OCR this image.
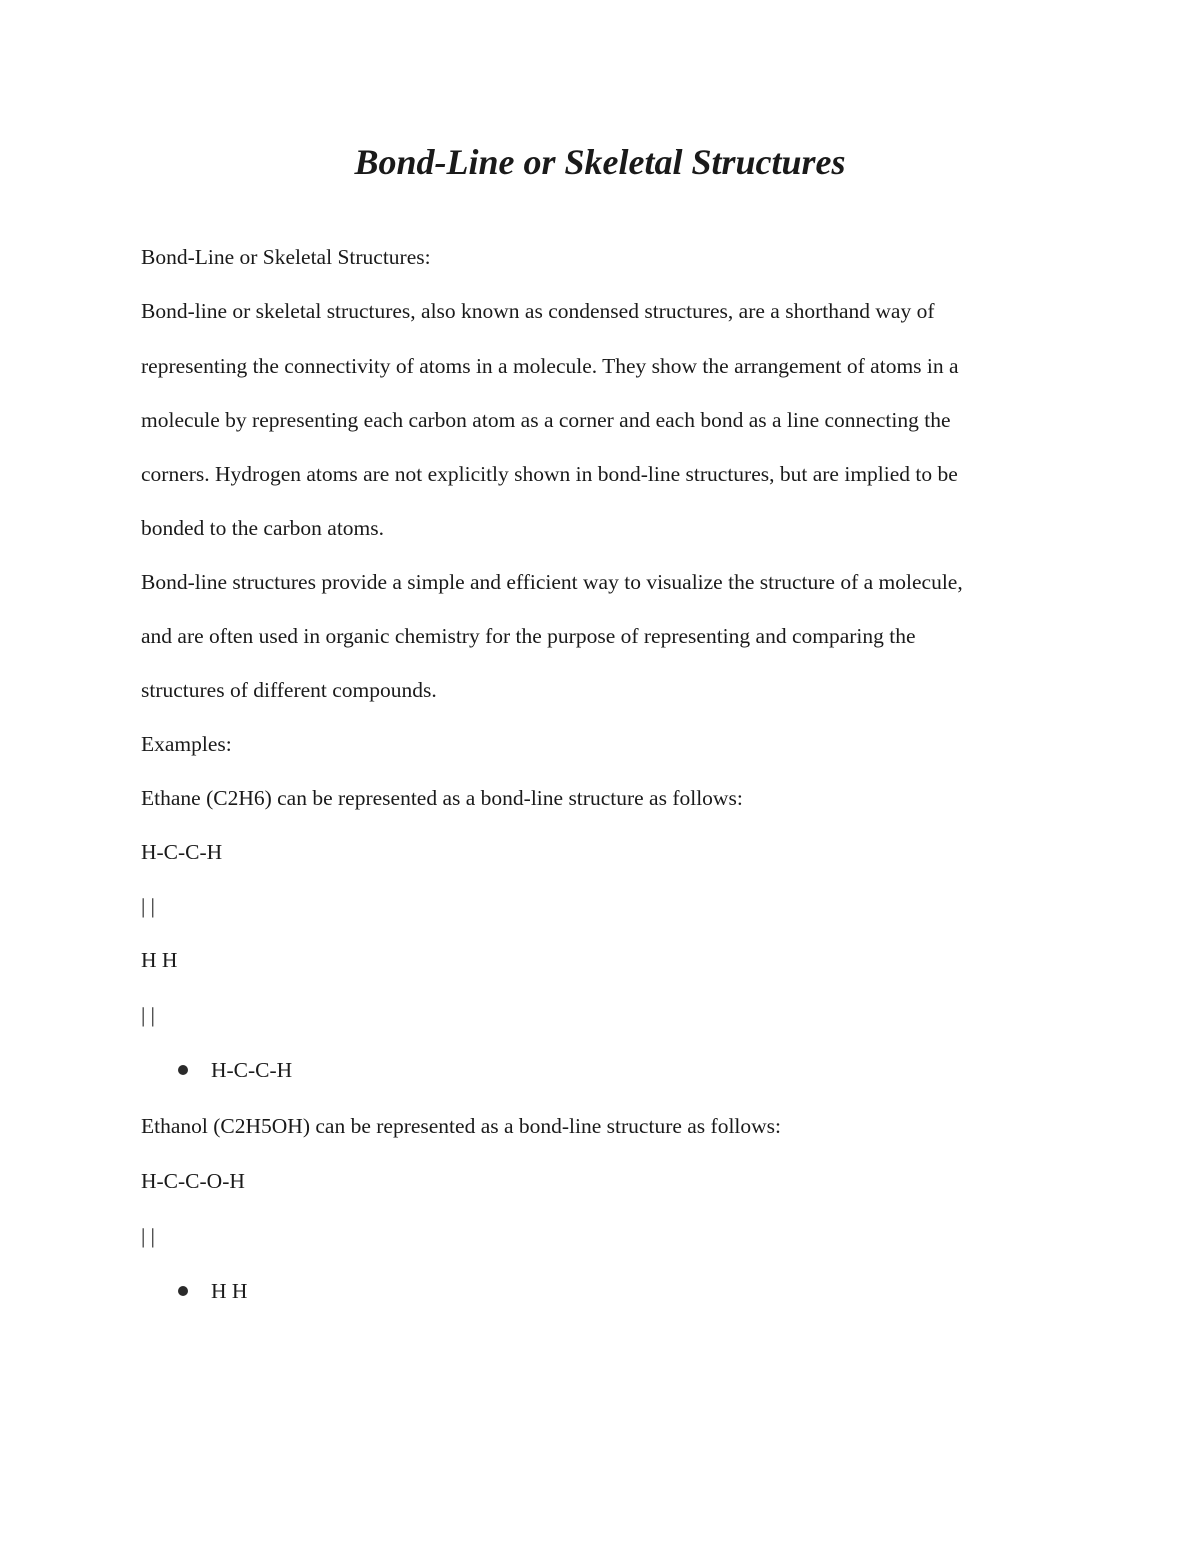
Bond-Line or Skeletal Structures

Bond-Line or Skeletal Structures:

Bond-line or skeletal structures, also known as condensed structures, are a shorthand way of

representing the connectivity of atoms in a molecule. They show the arrangement of atoms in a

molecule by representing each carbon atom as a corner and each bond as a line connecting the

corners. Hydrogen atoms are not explicitly shown in bond-line structures, but are implied to be

bonded to the carbon atoms.

Bond-line structures provide a simple and efficient way to visualize the structure of a molecule,

and are often used in organic chemistry for the purpose of representing and comparing the

structures of different compounds.

Examples:

Ethane (C2H6) can be represented as a bond-line structure as follows:

H-C-C-H

| |

H H

| |

H-C-C-H

Ethanol (C2H5OH) can be represented as a bond-line structure as follows:

H-C-C-O-H

| |

H H
